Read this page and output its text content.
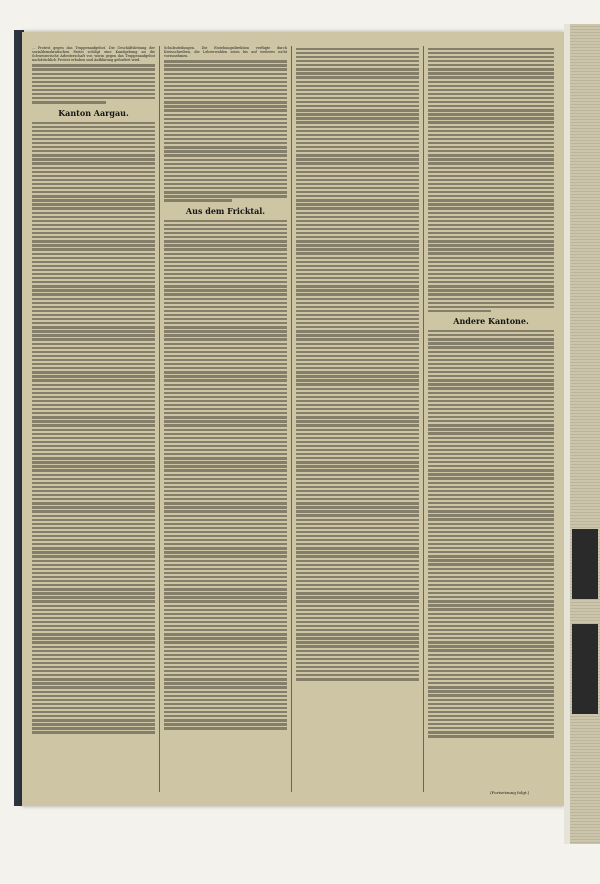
... Protest gegen das Truppenaufgebot. Die Geschäftsleitung der sozialdemokratischen Partei schlägt eine Kundgebung an die Schweizerische Arbeiterschaft vor, worin gegen das Truppenaufgebot nachdrücklich Protest erhoben und Aufklärung gefordert wird.

Kanton Aargau.

Schulzuteilungen. Die Erziehungsdirektion verfügte durch Kreisschreiben, die Lehrerwahlen seien bis auf weiteres nicht vorzunehmen.

Aus dem Fricktal.
Andere Kantone.
(Fortsetzung folgt.)
